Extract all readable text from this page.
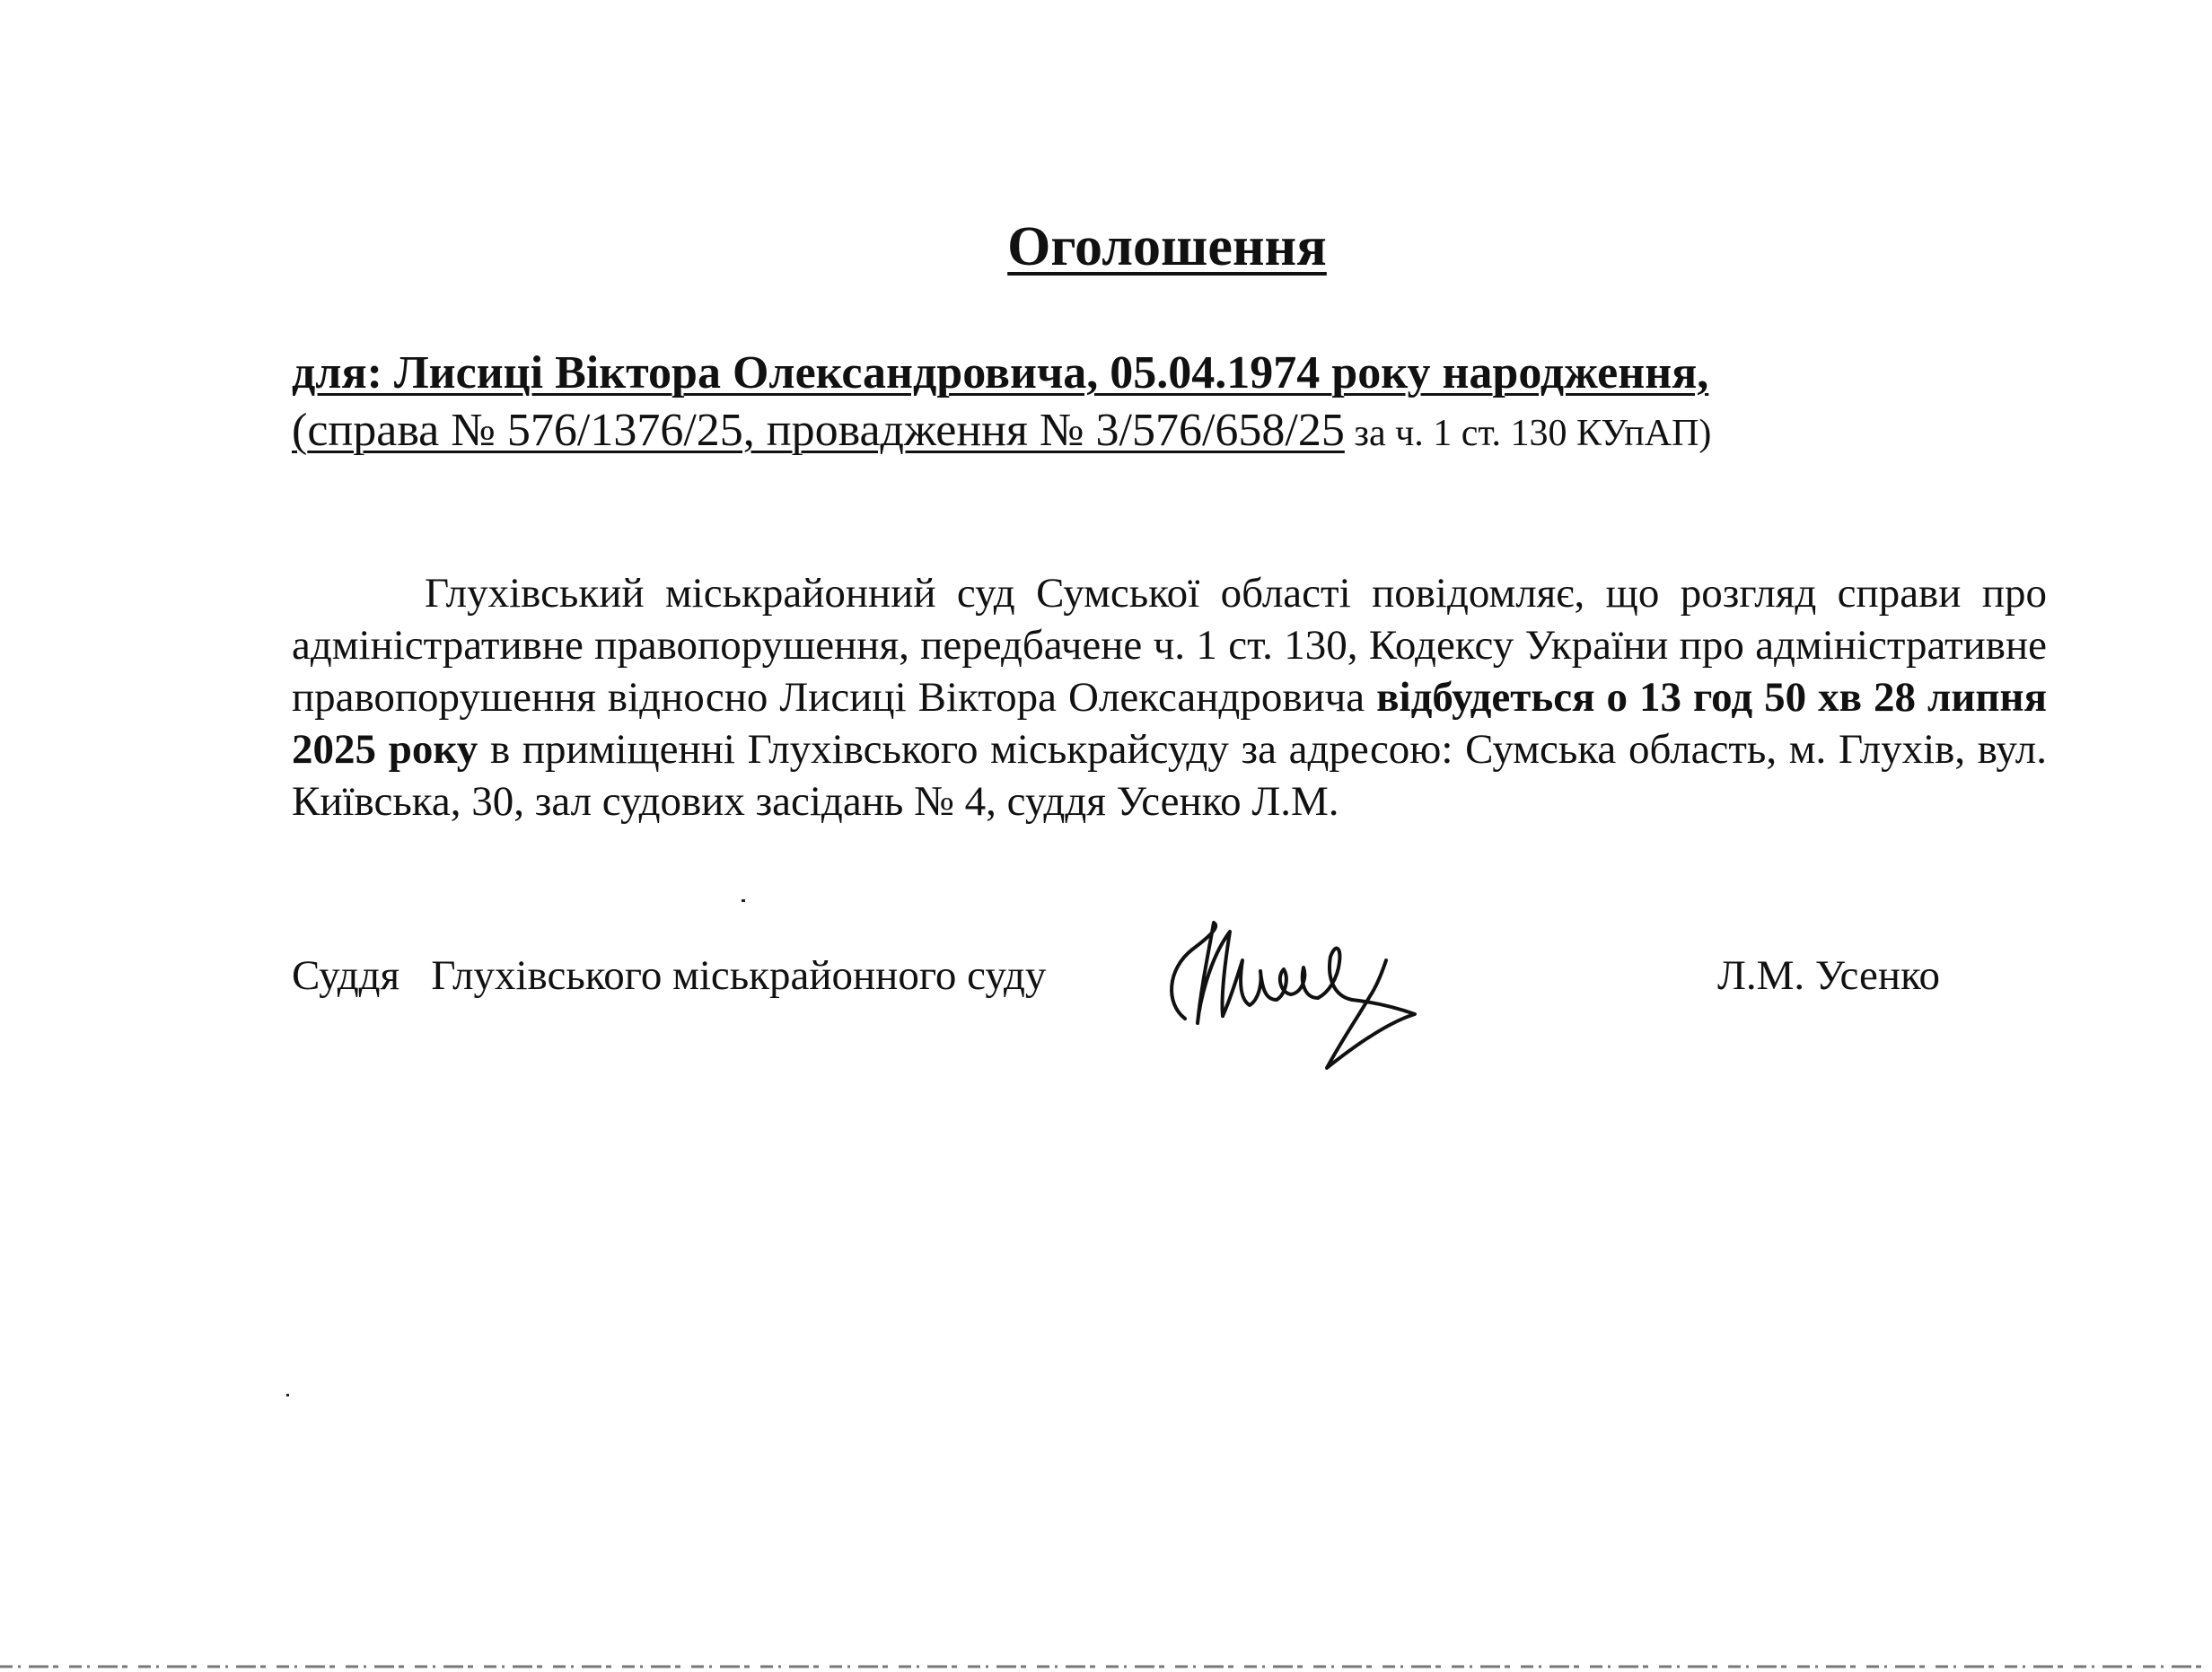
Оголошення
для: Лисиці Віктора Олександровича, 05.04.1974 року народження,
(справа № 576/1376/25, провадження № 3/576/658/25 за ч. 1 ст. 130 КУпАП)

Глухівський міськрайонний суд Сумської області повідомляє, що розгляд справи про адміністративне правопорушення, передбачене ч. 1 ст. 130, Кодексу України про адміністративне правопорушення відносно Лисиці Віктора Олександровича відбудеться о 13 год 50 хв 28 липня 2025 року в приміщенні Глухівського міськрайсуду за адресою: Сумська область, м. Глухів, вул. Київська, 30, зал судових засідань № 4, суддя Усенко Л.М.

Суддя   Глухівського міськрайонного суду	Л.М. Усенко
